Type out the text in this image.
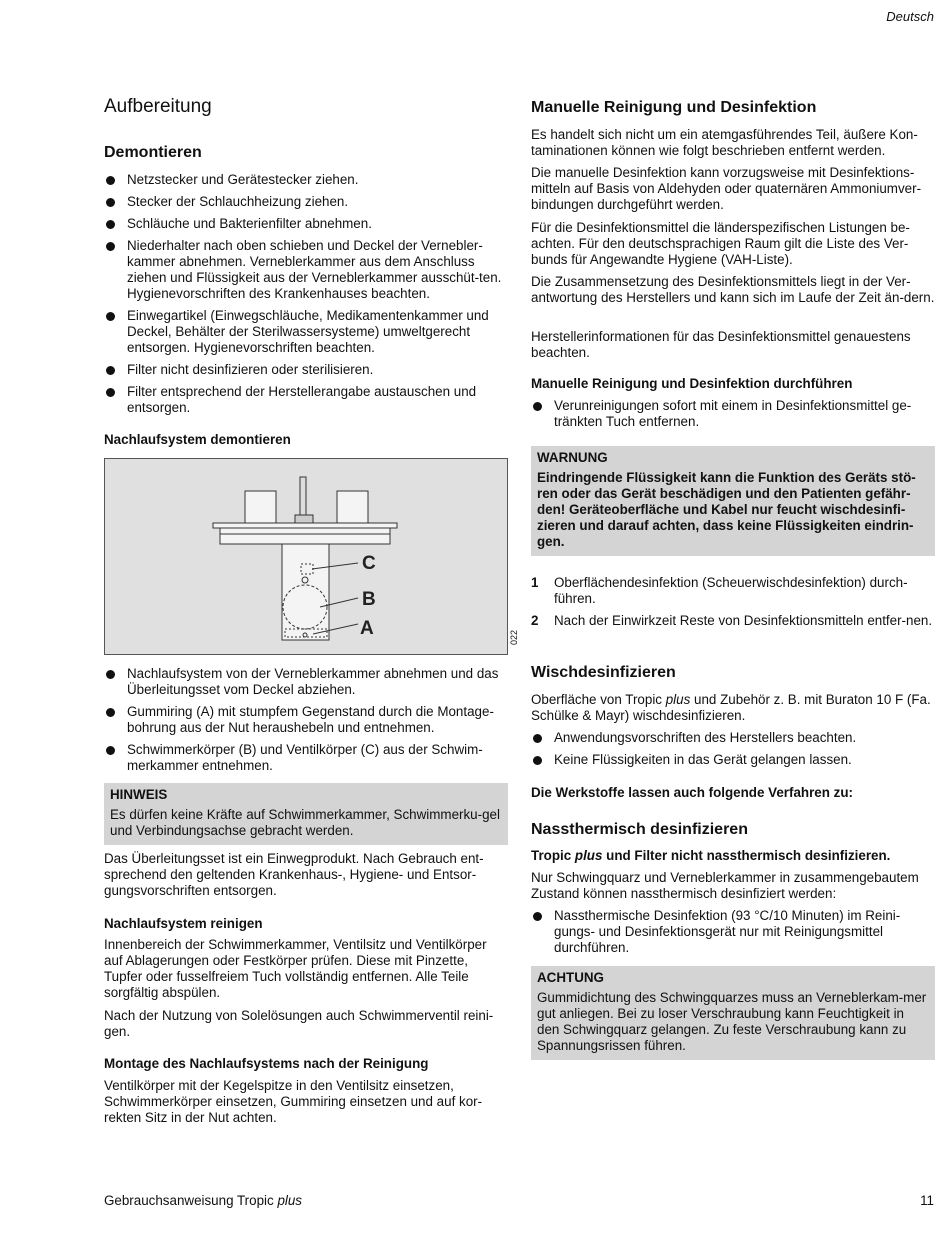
Deutsch
Aufbereitung
Demontieren
Netzstecker und Gerätestecker ziehen.
Stecker der Schlauchheizung ziehen.
Schläuche und Bakterienfilter abnehmen.
Niederhalter nach oben schieben und Deckel der Vernebler-kammer abnehmen. Verneblerkammer aus dem Anschluss ziehen und Flüssigkeit aus der Verneblerkammer ausschüt-ten. Hygienevorschriften des Krankenhauses beachten.
Einwegartikel (Einwegschläuche, Medikamentenkammer und Deckel, Behälter der Sterilwassersysteme) umweltgerecht entsorgen. Hygienevorschriften beachten.
Filter nicht desinfizieren oder sterilisieren.
Filter entsprechend der Herstellerangabe austauschen und entsorgen.
Nachlaufsystem demontieren
C
B
A	022
Nachlaufsystem von der Verneblerkammer abnehmen und das Überleitungsset vom Deckel abziehen.
Gummiring (A) mit stumpfem Gegenstand durch die Montage-bohrung aus der Nut heraushebeln und entnehmen.
Schwimmerkörper (B) und Ventilkörper (C) aus der Schwim-merkammer entnehmen.
HINWEIS

Es dürfen keine Kräfte auf Schwimmerkammer, Schwimmerku-gel und Verbindungsachse gebracht werden.

Das Überleitungsset ist ein Einwegprodukt. Nach Gebrauch ent-sprechend den geltenden Krankenhaus-, Hygiene- und Entsor-gungsvorschriften entsorgen.

Nachlaufsystem reinigen

Innenbereich der Schwimmerkammer, Ventilsitz und Ventilkörper auf Ablagerungen oder Festkörper prüfen. Diese mit Pinzette, Tupfer oder fusselfreiem Tuch vollständig entfernen. Alle Teile sorgfältig abspülen.

Nach der Nutzung von Solelösungen auch Schwimmerventil reini-gen.

Montage des Nachlaufsystems nach der Reinigung

Ventilkörper mit der Kegelspitze in den Ventilsitz einsetzen, Schwimmerkörper einsetzen, Gummiring einsetzen und auf kor-rekten Sitz in der Nut achten.

Manuelle Reinigung und Desinfektion

Es handelt sich nicht um ein atemgasführendes Teil, äußere Kon-taminationen können wie folgt beschrieben entfernt werden.

Die manuelle Desinfektion kann vorzugsweise mit Desinfektions-mitteln auf Basis von Aldehyden oder quaternären Ammoniumver-bindungen durchgeführt werden.

Für die Desinfektionsmittel die länderspezifischen Listungen be-achten. Für den deutschsprachigen Raum gilt die Liste des Ver-bunds für Angewandte Hygiene (VAH-Liste).

Die Zusammensetzung des Desinfektionsmittels liegt in der Ver-antwortung des Herstellers und kann sich im Laufe der Zeit än-dern.

Herstellerinformationen für das Desinfektionsmittel genauestens beachten.

Manuelle Reinigung und Desinfektion durchführen
Verunreinigungen sofort mit einem in Desinfektionsmittel ge-tränkten Tuch entfernen.
WARNUNG

Eindringende Flüssigkeit kann die Funktion des Geräts stö-ren oder das Gerät beschädigen und den Patienten gefähr-den! Geräteoberfläche und Kabel nur feucht wischdesinfi-zieren und darauf achten, dass keine Flüssigkeiten eindrin-gen.

1 Oberflächendesinfektion (Scheuerwischdesinfektion) durch-führen.
2 Nach der Einwirkzeit Reste von Desinfektionsmitteln entfer-nen.
Wischdesinfizieren

Oberfläche von Tropic plus und Zubehör z. B. mit Buraton 10 F (Fa. Schülke & Mayr) wischdesinfizieren.

Anwendungsvorschriften des Herstellers beachten.
Keine Flüssigkeiten in das Gerät gelangen lassen.
Die Werkstoffe lassen auch folgende Verfahren zu:
Nassthermisch desinfizieren
Tropic plus und Filter nicht nassthermisch desinfizieren.

Nur Schwingquarz und Verneblerkammer in zusammengebautem Zustand können nassthermisch desinfiziert werden:

Nassthermische Desinfektion (93 °C/10 Minuten) im Reini-gungs- und Desinfektionsgerät nur mit Reinigungsmittel durchführen.
ACHTUNG

Gummidichtung des Schwingquarzes muss an Verneblerkam-mer gut anliegen. Bei zu loser Verschraubung kann Feuchtigkeit in den Schwingquarz gelangen. Zu feste Verschraubung kann zu Spannungsrissen führen.

Gebrauchsanweisung Tropic plus	11
